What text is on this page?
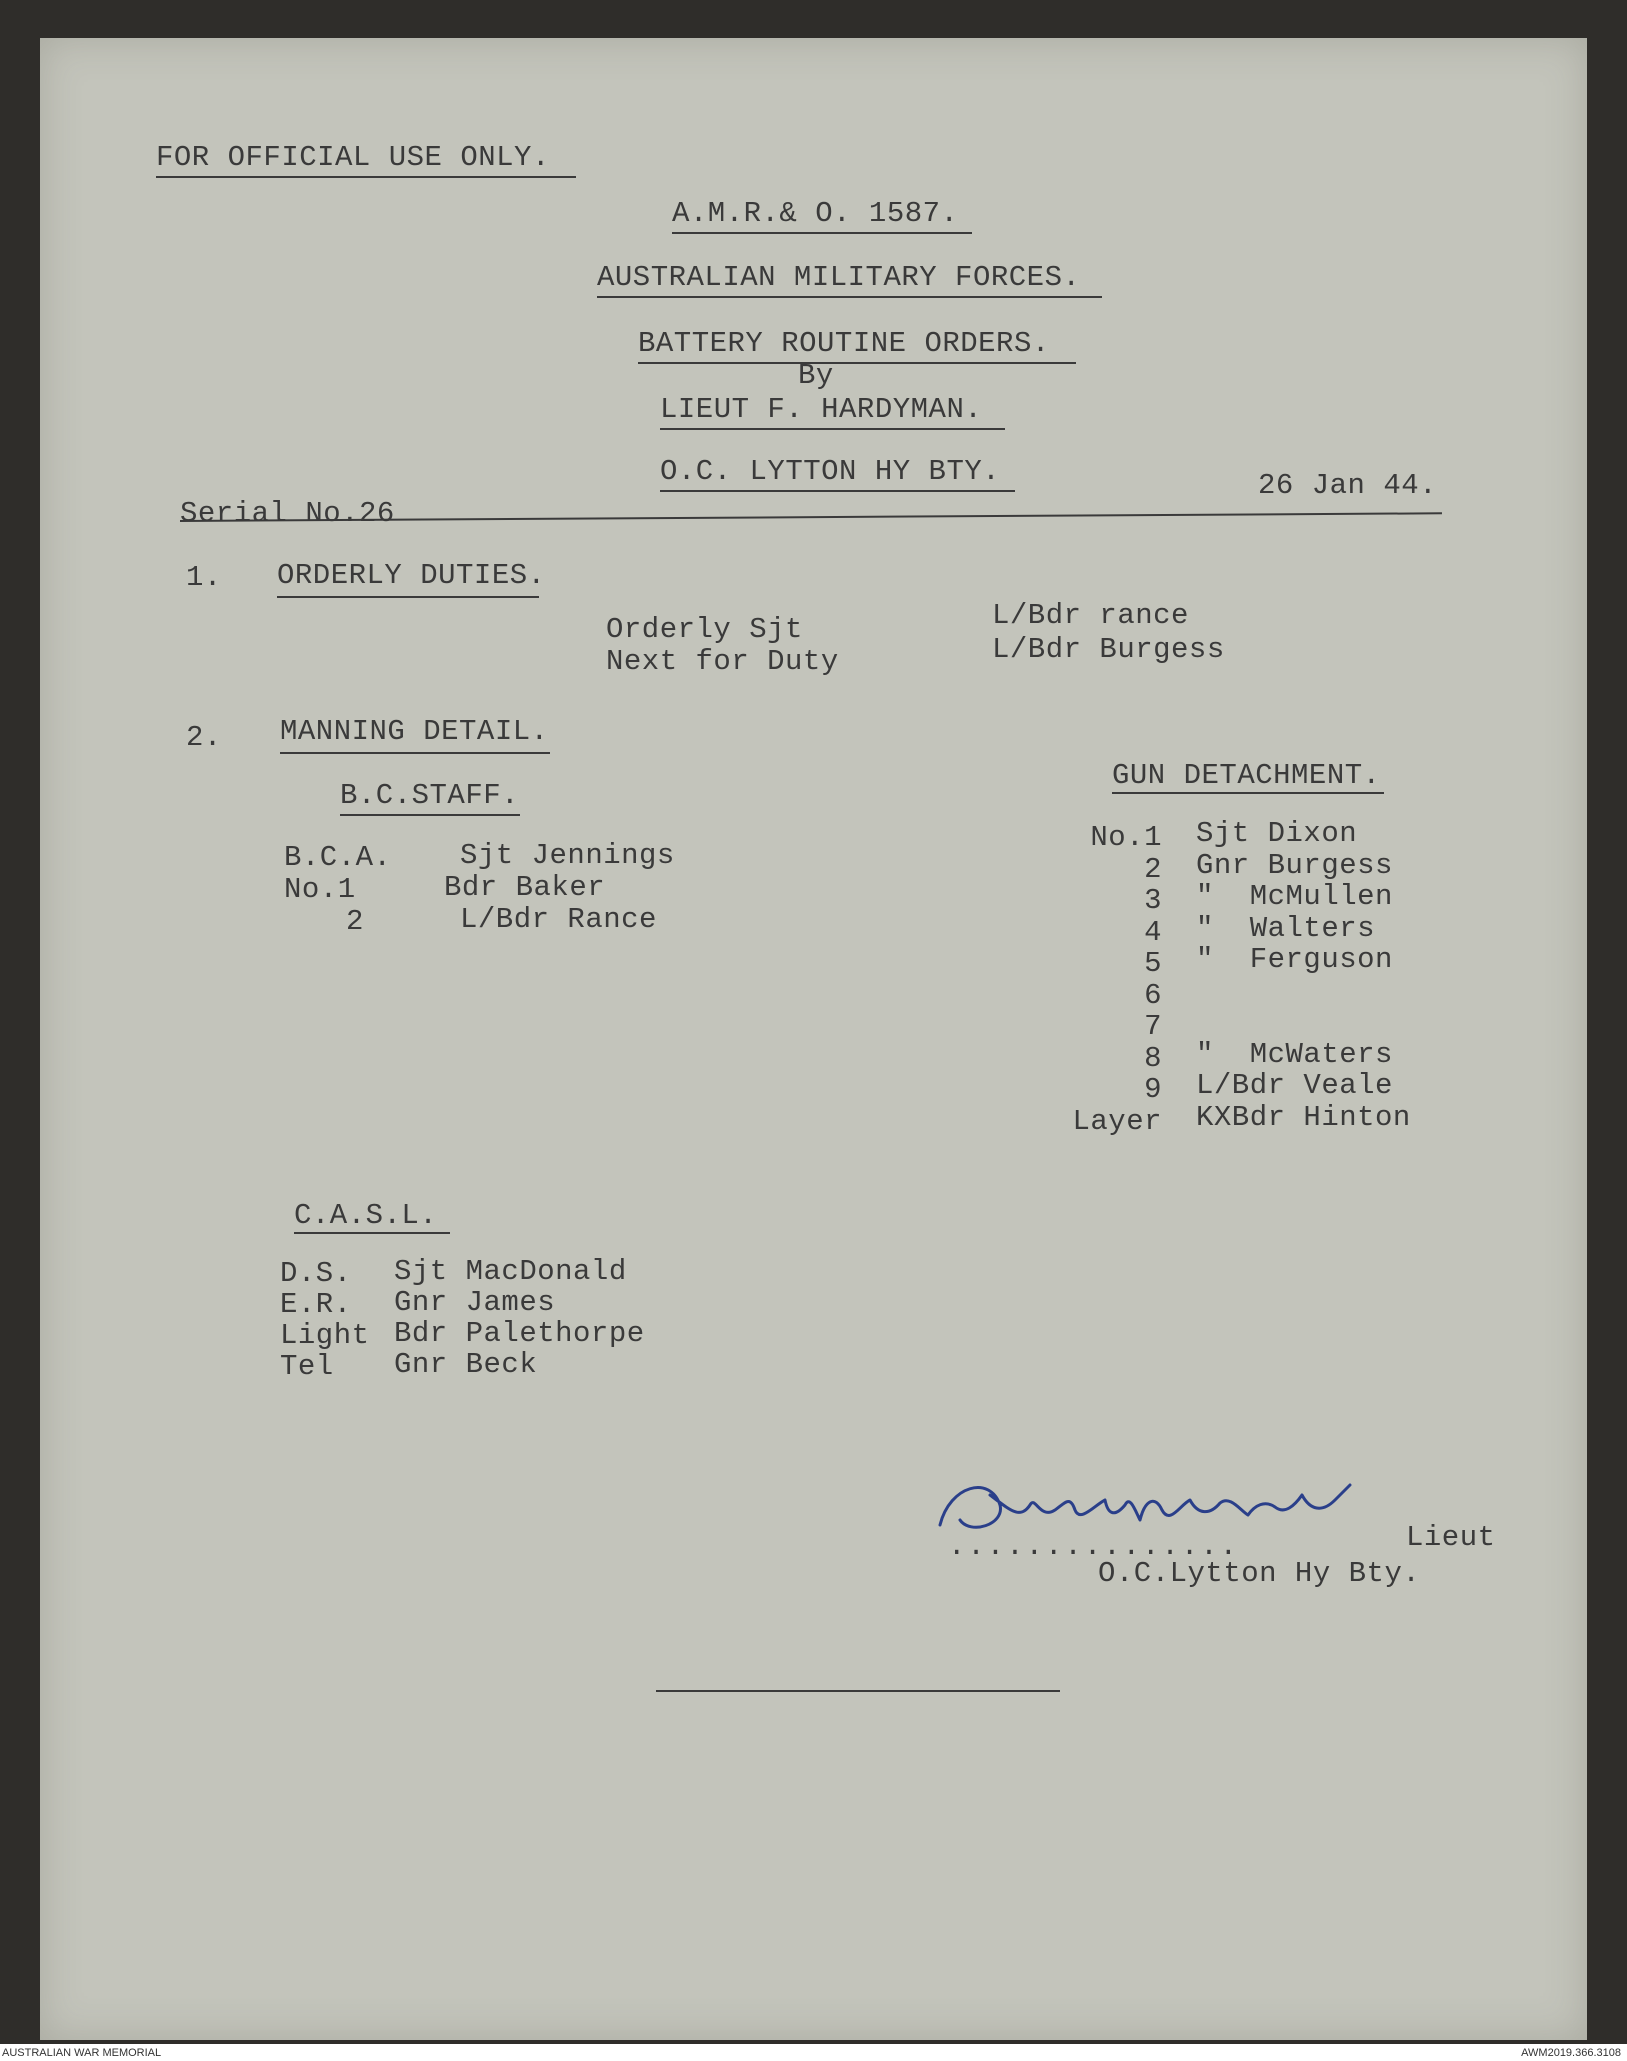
FOR OFFICIAL USE ONLY.
A.M.R.& O. 1587.
AUSTRALIAN MILITARY FORCES.
BATTERY ROUTINE ORDERS.
By
LIEUT F. HARDYMAN.
O.C. LYTTON HY BTY.
Serial No.26
26 Jan 44.
1. ORDERLY DUTIES.
Orderly Sjt	L/Bdr rance
Next for Duty	L/Bdr Burgess
2. MANNING DETAIL.
B.C.STAFF.
B.C.A. Sjt Jennings
No.1	Bdr Baker
2	L/Bdr Rance
GUN DETACHMENT.
No.1 Sjt Dixon
2 Gnr Burgess
3 "  McMullen
4 "  Walters
5 "  Ferguson
6
7
8 "  McWaters
9 L/Bdr Veale
Layer KXBdr Hinton
C.A.S.L.
D.S. Sjt MacDonald
E.R. Gnr James
Light Bdr Palethorpe
Tel Gnr Beck
...............	Lieut
O.C.Lytton Hy Bty.
AUSTRALIAN WAR MEMORIAL	AWM2019.366.3108
